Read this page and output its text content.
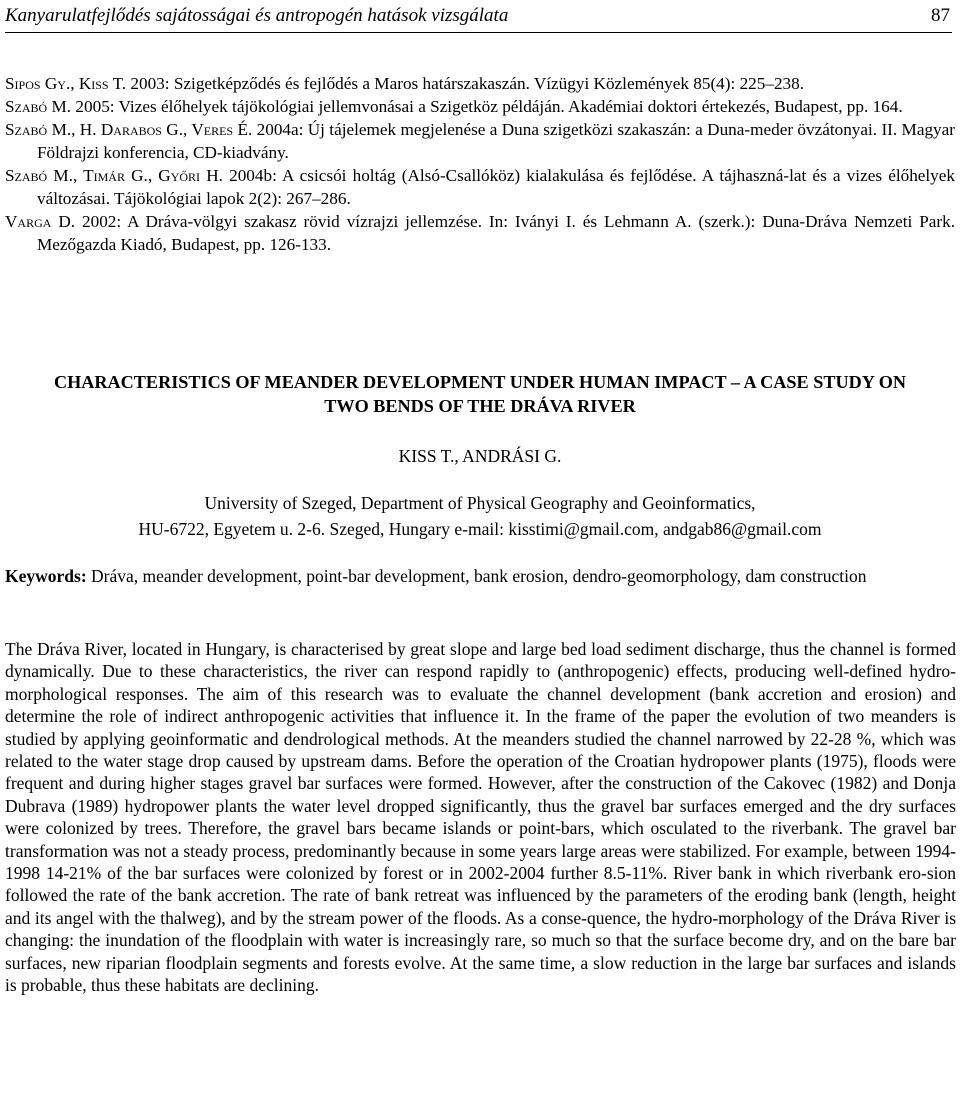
Kanyarulatfejlődés sajátosságai és antropogén hatások vizsgálata	87

Sipos Gy., Kiss T. 2003: Szigetképződés és fejlődés a Maros határszakaszán. Vízügyi Közlemények 85(4): 225–238.

Szabó M. 2005: Vizes élőhelyek tájökológiai jellemvonásai a Szigetköz példáján. Akadémiai doktori értekezés, Budapest, pp. 164.

Szabó M., H. Darabos G., Veres É. 2004a: Új tájelemek megjelenése a Duna szigetközi szakaszán: a Duna-meder övzátonyai. II. Magyar Földrajzi konferencia, CD-kiadvány.

Szabó M., Timár G., Győri H. 2004b: A csicsói holtág (Alsó-Csallóköz) kialakulása és fejlődése. A tájhaszná-lat és a vizes élőhelyek változásai. Tájökológiai lapok 2(2): 267–286.

Varga D. 2002: A Dráva-völgyi szakasz rövid vízrajzi jellemzése. In: Iványi I. és Lehmann A. (szerk.): Duna-Dráva Nemzeti Park. Mezőgazda Kiadó, Budapest, pp. 126-133.

CHARACTERISTICS OF MEANDER DEVELOPMENT UNDER HUMAN IMPACT – A CASE STUDY ON TWO BENDS OF THE DRÁVA RIVER

KISS T., ANDRÁSI G.
University of Szeged, Department of Physical Geography and Geoinformatics,
HU-6722, Egyetem u. 2-6. Szeged, Hungary e-mail: kisstimi@gmail.com, andgab86@gmail.com

Keywords: Dráva, meander development, point-bar development, bank erosion, dendro-geomorphology, dam construction

The Dráva River, located in Hungary, is characterised by great slope and large bed load sediment discharge, thus the channel is formed dynamically. Due to these characteristics, the river can respond rapidly to (anthropogenic) effects, producing well-defined hydro-morphological responses. The aim of this research was to evaluate the channel development (bank accretion and erosion) and determine the role of indirect anthropogenic activities that influence it. In the frame of the paper the evolution of two meanders is studied by applying geoinformatic and dendrological methods. At the meanders studied the channel narrowed by 22-28 %, which was related to the water stage drop caused by upstream dams. Before the operation of the Croatian hydropower plants (1975), floods were frequent and during higher stages gravel bar surfaces were formed. However, after the construction of the Cakovec (1982) and Donja Dubrava (1989) hydropower plants the water level dropped significantly, thus the gravel bar surfaces emerged and the dry surfaces were colonized by trees. Therefore, the gravel bars became islands or point-bars, which osculated to the riverbank. The gravel bar transformation was not a steady process, predominantly because in some years large areas were stabilized. For example, between 1994-1998 14-21% of the bar surfaces were colonized by forest or in 2002-2004 further 8.5-11%. River bank in which riverbank ero-sion followed the rate of the bank accretion. The rate of bank retreat was influenced by the parameters of the eroding bank (length, height and its angel with the thalweg), and by the stream power of the floods. As a conse-quence, the hydro-morphology of the Dráva River is changing: the inundation of the floodplain with water is increasingly rare, so much so that the surface become dry, and on the bare bar surfaces, new riparian floodplain segments and forests evolve. At the same time, a slow reduction in the large bar surfaces and islands is probable, thus these habitats are declining.
